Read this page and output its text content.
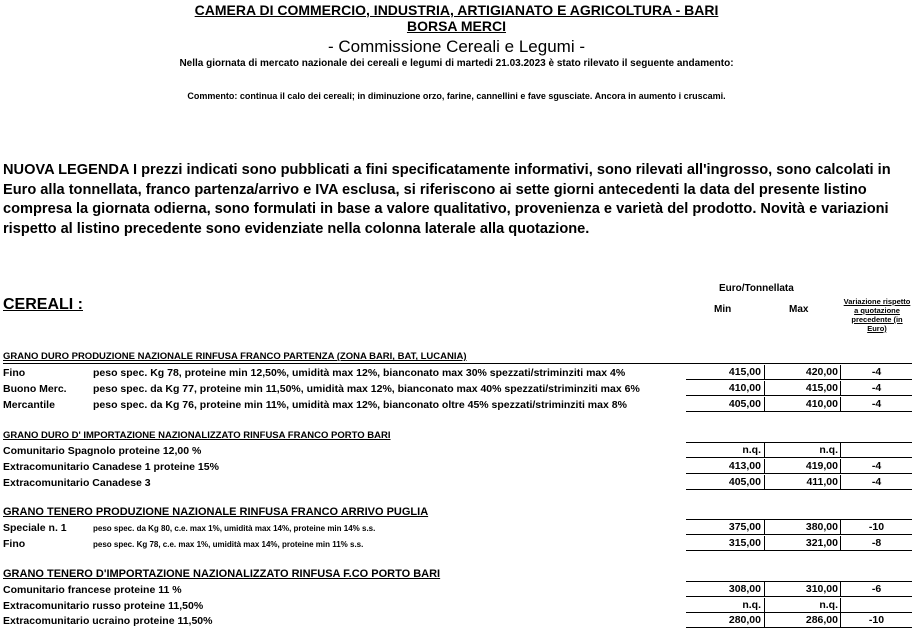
CAMERA DI COMMERCIO, INDUSTRIA, ARTIGIANATO E AGRICOLTURA - BARI
BORSA MERCI
- Commissione Cereali e Legumi -
Nella giornata di mercato nazionale dei cereali e legumi di martedi 21.03.2023 è stato rilevato il seguente andamento:
Commento: continua il calo dei cereali; in diminuzione orzo, farine, cannellini e fave sgusciate. Ancora in aumento i cruscami.
NUOVA LEGENDA I prezzi indicati sono pubblicati a fini specificatamente informativi, sono rilevati all'ingrosso, sono calcolati in Euro alla tonnellata, franco partenza/arrivo e IVA esclusa, si riferiscono ai sette giorni antecedenti la data del presente listino compresa la giornata odierna, sono formulati in base a valore qualitativo, provenienza e varietà del prodotto. Novità e variazioni rispetto al listino precedente sono evidenziate nella colonna laterale alla quotazione.
Euro/Tonnellata
Min	Max
Variazione rispetto a quotazione precedente (in Euro)
CEREALI :
GRANO DURO PRODUZIONE NAZIONALE RINFUSA FRANCO PARTENZA (ZONA BARI, BAT, LUCANIA)
Fino	peso spec. Kg 78, proteine min 12,50%, umidità max 12%, bianconato max 30% spezzati/striminziti max 4%	415,00	420,00	-4
Buono Merc.	peso spec. da Kg 77, proteine min 11,50%, umidità max 12%, bianconato max 40% spezzati/striminziti max 6%	410,00	415,00	-4
Mercantile	peso spec. da Kg 76, proteine min 11%, umidità max 12%, bianconato oltre 45% spezzati/striminziti max 8%	405,00	410,00	-4
GRANO DURO D' IMPORTAZIONE NAZIONALIZZATO RINFUSA FRANCO PORTO BARI
Comunitario Spagnolo proteine 12,00 %	n.q.	n.q.
Extracomunitario Canadese 1 proteine 15%	413,00	419,00	-4
Extracomunitario Canadese 3	405,00	411,00	-4
GRANO TENERO PRODUZIONE NAZIONALE RINFUSA FRANCO ARRIVO PUGLIA
Speciale n. 1	peso spec. da Kg 80, c.e. max 1%, umidità max 14%, proteine min 14% s.s.	375,00	380,00	-10
Fino	peso spec. Kg 78, c.e. max 1%, umidità max 14%, proteine min 11% s.s.	315,00	321,00	-8
GRANO TENERO D'IMPORTAZIONE NAZIONALIZZATO RINFUSA F.CO PORTO BARI
Comunitario francese proteine 11 %	308,00	310,00	-6
Extracomunitario russo proteine 11,50%	n.q.	n.q.
Extracomunitario ucraino proteine 11,50%	280,00	286,00	-10
